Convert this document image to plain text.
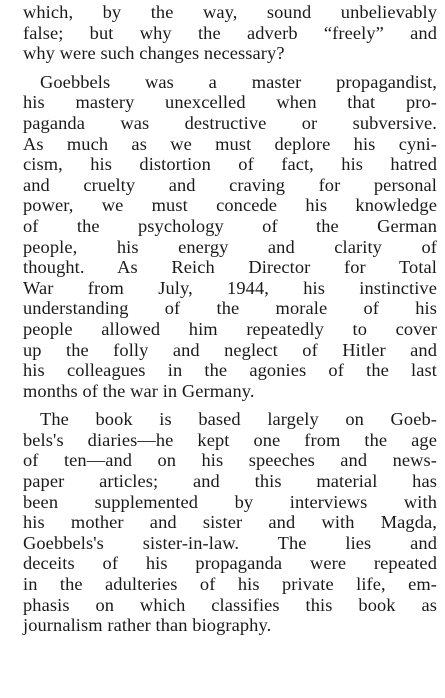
which, by the way, sound unbelievably
false; but why the adverb “freely” and
why were such changes necessary?

Goebbels was a master propagandist,
his mastery unexcelled when that pro-
paganda was destructive or subversive.
As much as we must deplore his cyni-
cism, his distortion of fact, his hatred
and cruelty and craving for personal
power, we must concede his knowledge
of the psychology of the German
people, his energy and clarity of
thought. As Reich Director for Total
War from July, 1944, his instinctive
understanding of the morale of his
people allowed him repeatedly to cover
up the folly and neglect of Hitler and
his colleagues in the agonies of the last
months of the war in Germany.

The book is based largely on Goeb-
bels's diaries—he kept one from the age
of ten—and on his speeches and news-
paper articles; and this material has
been supplemented by interviews with
his mother and sister and with Magda,
Goebbels's sister-in-law. The lies and
deceits of his propaganda were repeated
in the adulteries of his private life, em-
phasis on which classifies this book as
journalism rather than biography.
